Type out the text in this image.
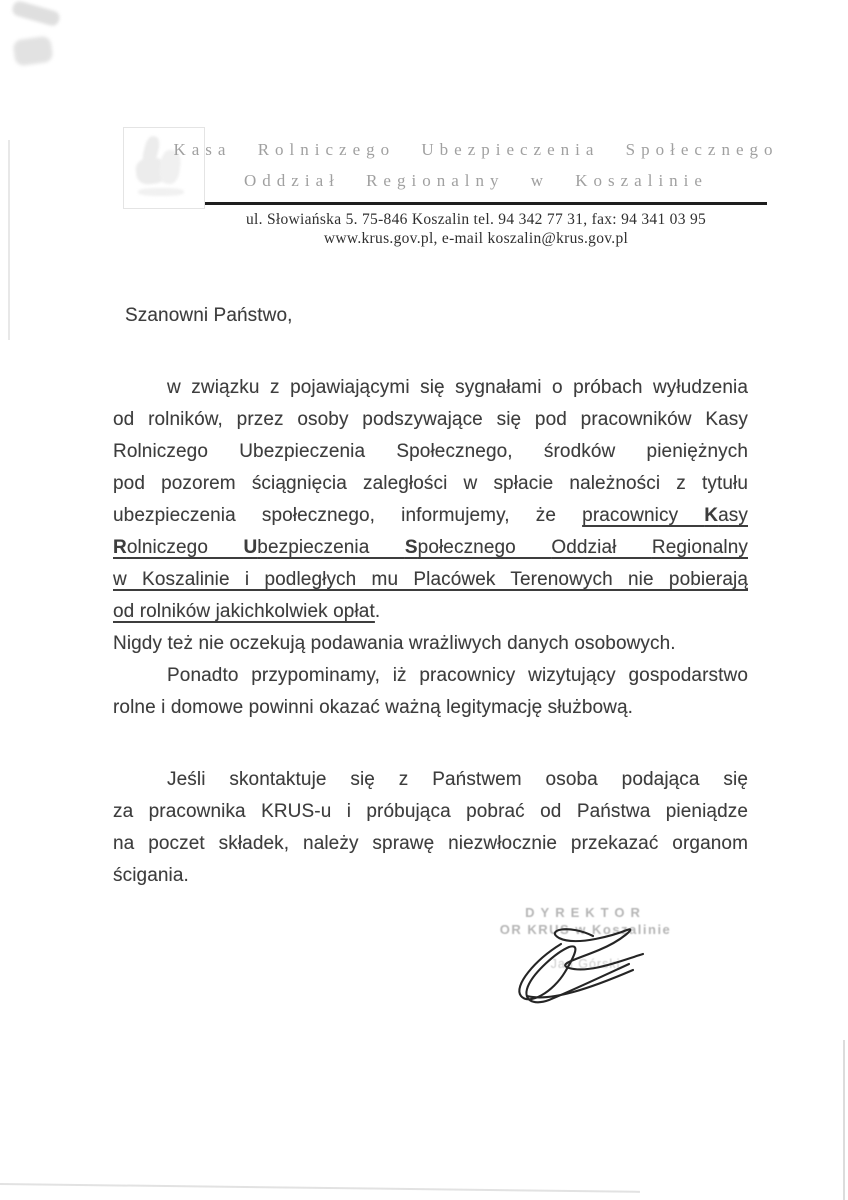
Kasa Rolniczego Ubezpieczenia Społecznego
Oddział Regionalny w Koszalinie
ul. Słowiańska 5. 75-846 Koszalin tel. 94 342 77 31, fax: 94 341 03 95
www.krus.gov.pl, e-mail koszalin@krus.gov.pl
Szanowni Państwo,
w związku z pojawiającymi się sygnałami o próbach wyłudzenia
od rolników, przez osoby podszywające się pod pracowników Kasy
Rolniczego Ubezpieczenia Społecznego, środków pieniężnych
pod pozorem ściągnięcia zaległości w spłacie należności z tytułu
ubezpieczenia społecznego, informujemy, że pracownicy Kasy
Rolniczego Ubezpieczenia Społecznego Oddział Regionalny
w Koszalinie i podległych mu Placówek Terenowych nie pobierają
od rolników jakichkolwiek opłat.
Nigdy też nie oczekują podawania wrażliwych danych osobowych.
Ponadto przypominamy, iż pracownicy wizytujący gospodarstwo
rolne i domowe powinni okazać ważną legitymację służbową.
Jeśli skontaktuje się z Państwem osoba podająca się
za pracownika KRUS-u i próbująca pobrać od Państwa pieniądze
na poczet składek, należy sprawę niezwłocznie przekazać organom
ścigania.
DYREKTOR
OR KRUS w Koszalinie
Jan Górski
